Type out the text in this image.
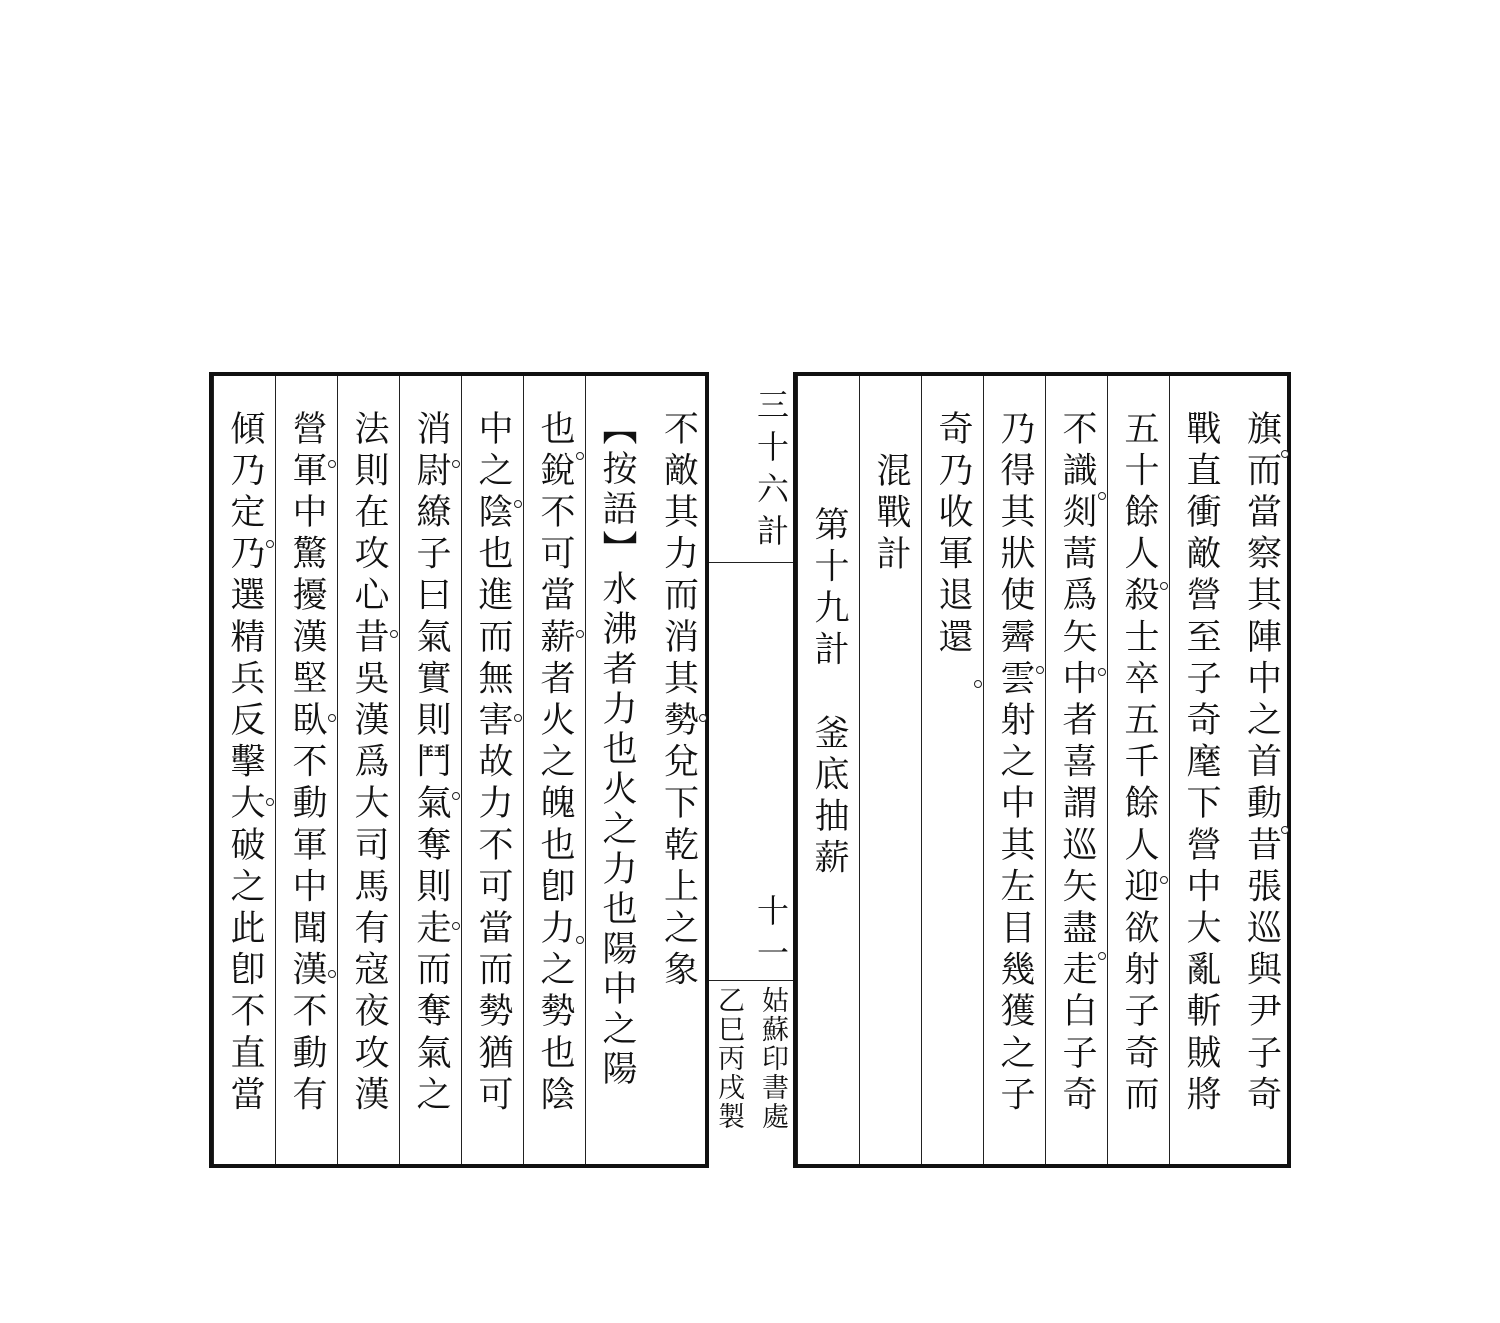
旗而當察其陣中之首動昔張巡與尹子奇
戰直衝敵營至子奇麾下營中大亂斬賊將
五十餘人殺士卒五千餘人迎欲射子奇而
不識剡蒿爲矢中者喜謂巡矢盡走白子奇
乃得其狀使霽雲射之中其左目幾獲之子
奇乃收軍退還
混戰計
第十九計　釜底抽薪
三十六計
十一
姑蘇印書處
乙巳丙戌製
不敵其力而消其勢兌下乾上之象
【按語】水沸者力也火之力也陽中之陽
也銳不可當薪者火之魄也卽力之勢也陰
中之陰也進而無害故力不可當而勢猶可
消尉繚子曰氣實則鬥氣奪則走而奪氣之
法則在攻心昔吳漢爲大司馬有寇夜攻漢
營軍中驚擾漢堅臥不動軍中聞漢不動有
傾乃定乃選精兵反擊大破之此卽不直當
